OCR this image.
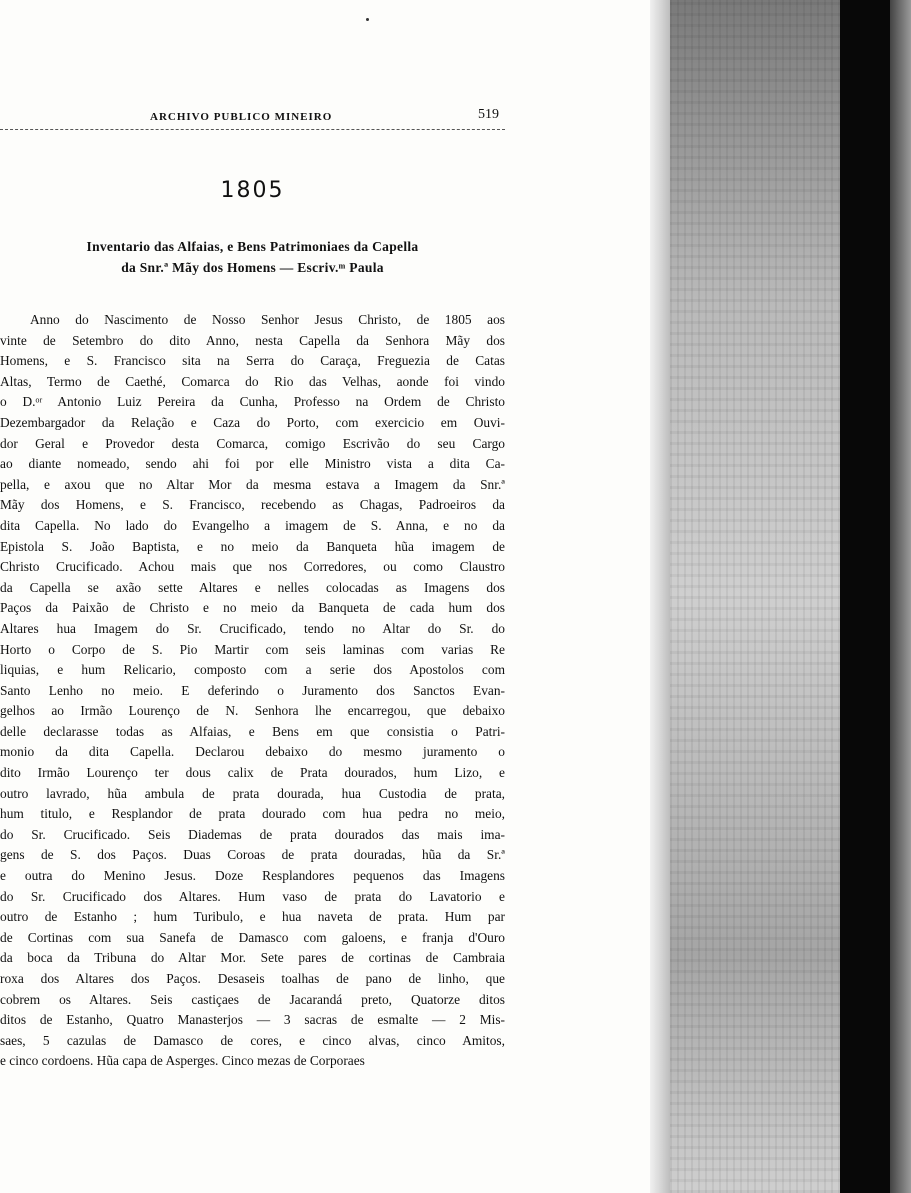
ARCHIVO PUBLICO MINEIRO	519
1805
Inventario das Alfaias, e Bens Patrimoniaes da Capella
da Snr.ª Mãy dos Homens — Escriv.ᵐ Paula
Anno do Nascimento de Nosso Senhor Jesus Christo, de 1805 aos
vinte de Setembro do dito Anno, nesta Capella da Senhora Mãy dos
Homens, e S. Francisco sita na Serra do Caraça, Freguezia de Catas
Altas, Termo de Caethé, Comarca do Rio das Velhas, aonde foi vindo
o D.ᵒʳ Antonio Luiz Pereira da Cunha, Professo na Ordem de Christo
Dezembargador da Relação e Caza do Porto, com exercicio em Ouvi-
dor Geral e Provedor desta Comarca, comigo Escrivão do seu Cargo
ao diante nomeado, sendo ahi foi por elle Ministro vista a dita Ca-
pella, e axou que no Altar Mor da mesma estava a Imagem da Snr.ª
Mãy dos Homens, e S. Francisco, recebendo as Chagas, Padroeiros da
dita Capella. No lado do Evangelho a imagem de S. Anna, e no da
Epistola S. João Baptista, e no meio da Banqueta hũa imagem de
Christo Crucificado. Achou mais que nos Corredores, ou como Claustro
da Capella se axão sette Altares e nelles colocadas as Imagens dos
Paços da Paixão de Christo e no meio da Banqueta de cada hum dos
Altares hua Imagem do Sr. Crucificado, tendo no Altar do Sr. do
Horto o Corpo de S. Pio Martir com seis laminas com varias Re
liquias, e hum Relicario, composto com a serie dos Apostolos com
Santo Lenho no meio. E deferindo o Juramento dos Sanctos Evan-
gelhos ao Irmão Lourenço de N. Senhora lhe encarregou, que debaixo
delle declarasse todas as Alfaias, e Bens em que consistia o Patri-
monio da dita Capella. Declarou debaixo do mesmo juramento o
dito Irmão Lourenço ter dous calix de Prata dourados, hum Lizo, e
outro lavrado, hũa ambula de prata dourada, hua Custodia de prata,
hum titulo, e Resplandor de prata dourado com hua pedra no meio,
do Sr. Crucificado. Seis Diademas de prata dourados das mais ima-
gens de S. dos Paços. Duas Coroas de prata douradas, hũa da Sr.ª
e outra do Menino Jesus. Doze Resplandores pequenos das Imagens
do Sr. Crucificado dos Altares. Hum vaso de prata do Lavatorio e
outro de Estanho ; hum Turibulo, e hua naveta de prata. Hum par
de Cortinas com sua Sanefa de Damasco com galoens, e franja d'Ouro
da boca da Tribuna do Altar Mor. Sete pares de cortinas de Cambraia
roxa dos Altares dos Paços. Desaseis toalhas de pano de linho, que
cobrem os Altares. Seis castiçaes de Jacarandá preto, Quatorze ditos
ditos de Estanho, Quatro Manasterjos — 3 sacras de esmalte — 2 Mis-
saes, 5 cazulas de Damasco de cores, e cinco alvas, cinco Amitos,
e cinco cordoens. Hũa capa de Asperges. Cinco mezas de Corporaes
